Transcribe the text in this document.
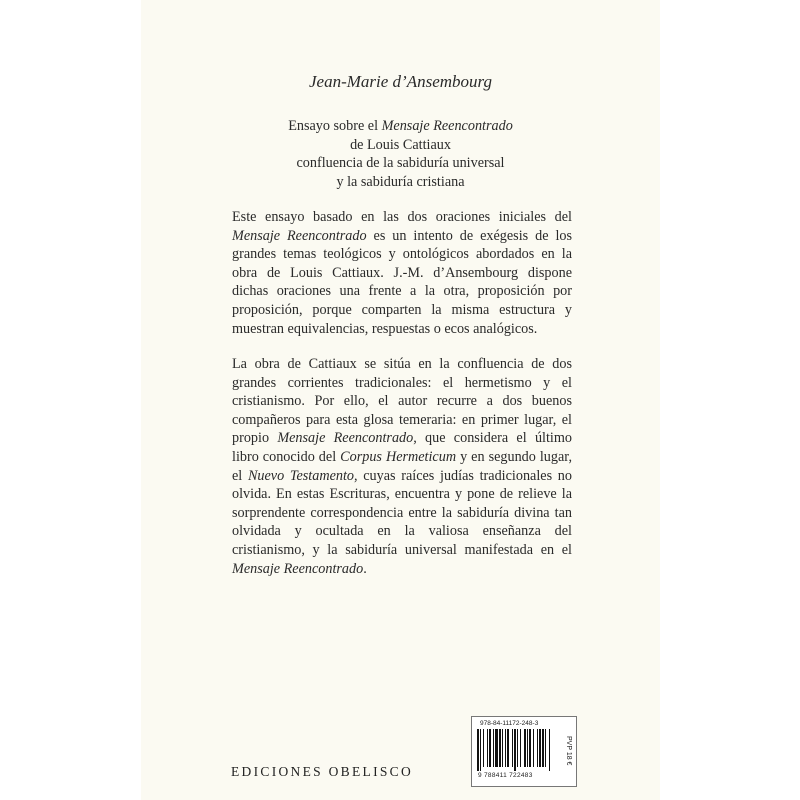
Jean-Marie d’Ansembourg
Ensayo sobre el Mensaje Reencontrado
de Louis Cattiaux
confluencia de la sabiduría universal
y la sabiduría cristiana
Este ensayo basado en las dos oraciones iniciales del Mensaje Reencontrado es un intento de exégesis de los grandes temas teológicos y ontológicos abordados en la obra de Louis Cattiaux. J.-M. d’Ansembourg dispone dichas oraciones una frente a la otra, proposición por proposición, porque comparten la misma estructura y muestran equivalencias, respuestas o ecos analógicos.
La obra de Cattiaux se sitúa en la confluencia de dos grandes corrientes tradicionales: el hermetismo y el cristianismo. Por ello, el autor recurre a dos buenos compañeros para esta glosa temeraria: en primer lugar, el propio Mensaje Reencontrado, que considera el último libro conocido del Corpus Hermeticum y en segundo lugar, el Nuevo Testamento, cuyas raíces judías tradicionales no olvida. En estas Escrituras, encuentra y pone de relieve la sorprendente correspondencia entre la sabiduría divina tan olvidada y ocultada en la valiosa enseñanza del cristianismo, y la sabiduría universal manifestada en el Mensaje Reencontrado.
EDICIONES OBELISCO
978-84-11172-248-3
9 788411 722483
PVP 18 €
